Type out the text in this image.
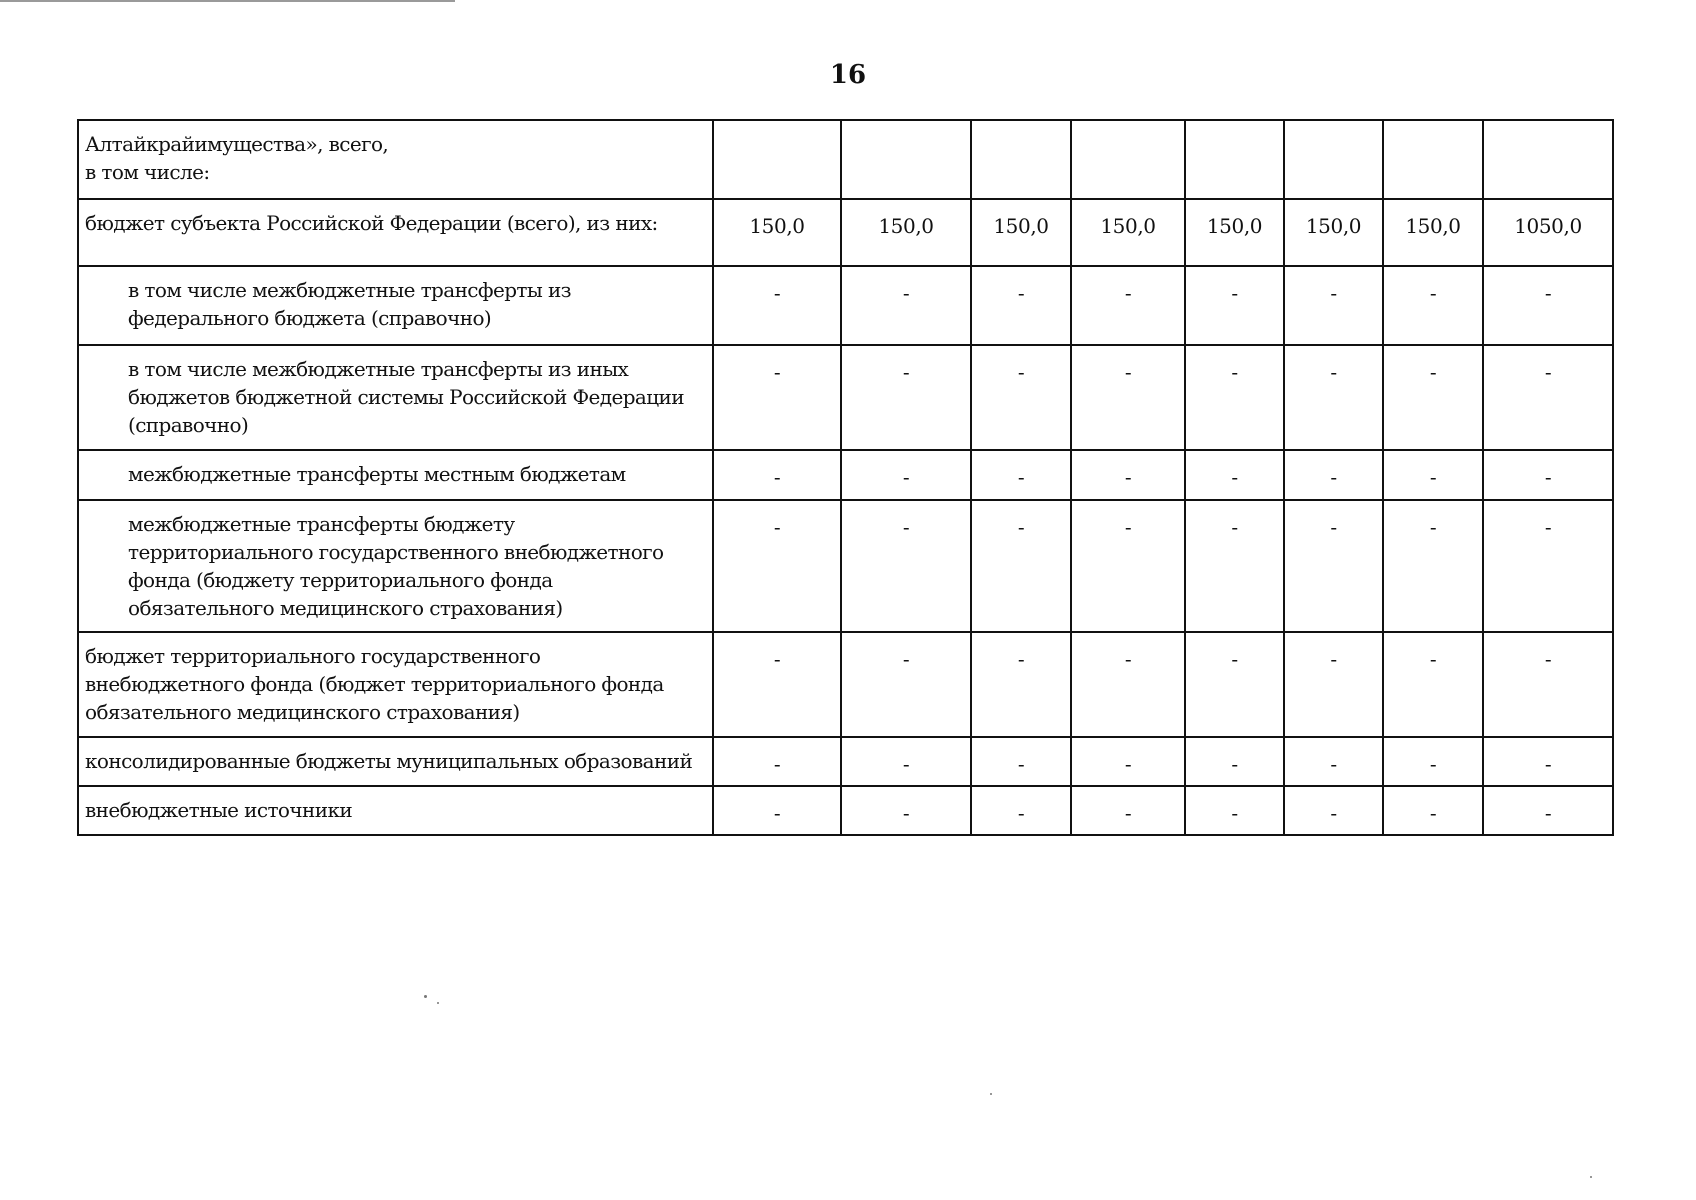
16
Алтайкрайимущества», всего,
в том числе:								
бюджет субъекта Российской Федерации (всего), из них:	150,0	150,0	150,0	150,0	150,0	150,0	150,0	1050,0
в том числе межбюджетные трансферты из
федерального бюджета (справочно)	-	-	-	-	-	-	-	-
в том числе межбюджетные трансферты из иных
бюджетов бюджетной системы Российской Федерации
(справочно)	-	-	-	-	-	-	-	-
межбюджетные трансферты местным бюджетам	-	-	-	-	-	-	-	-
межбюджетные трансферты бюджету
территориального государственного внебюджетного
фонда (бюджету территориального фонда
обязательного медицинского страхования)	-	-	-	-	-	-	-	-
бюджет территориального государственного
внебюджетного фонда (бюджет территориального фонда
обязательного медицинского страхования)	-	-	-	-	-	-	-	-
консолидированные бюджеты муниципальных образований	-	-	-	-	-	-	-	-
внебюджетные источники	-	-	-	-	-	-	-	-
